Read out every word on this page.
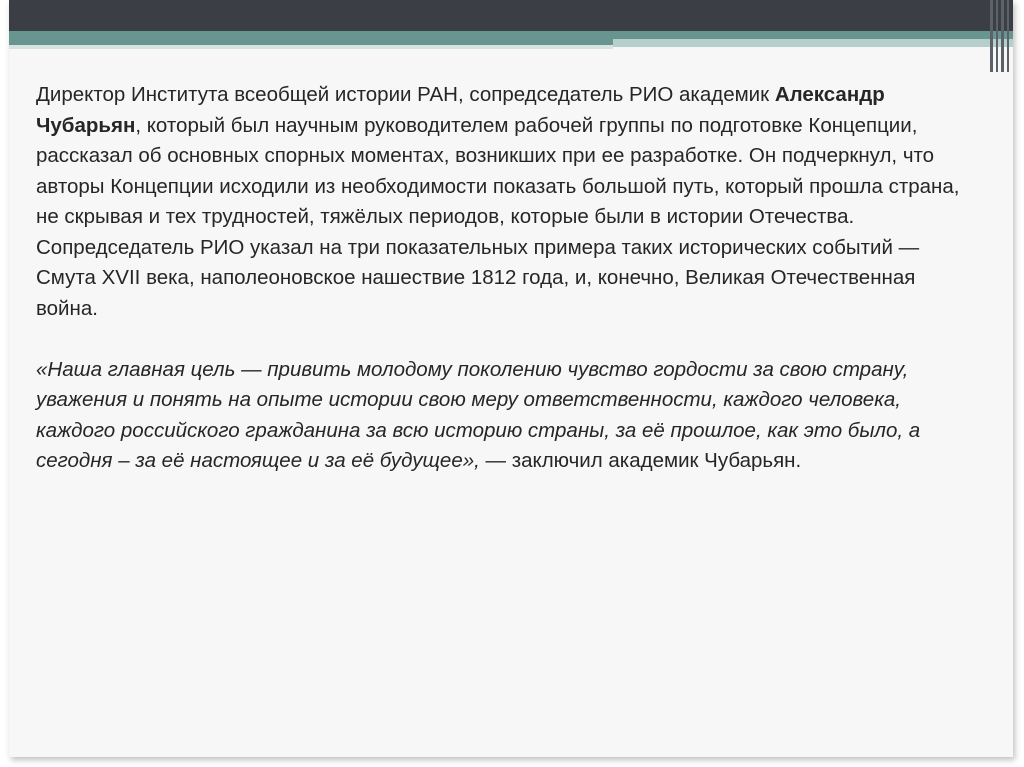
Директор Института всеобщей истории РАН, сопредседатель РИО академик Александр Чубарьян, который был научным руководителем рабочей группы по подготовке Концепции, рассказал об основных спорных моментах, возникших при ее разработке. Он подчеркнул, что авторы Концепции исходили из необходимости показать большой путь, который прошла страна, не скрывая и тех трудностей, тяжёлых периодов, которые были в истории Отечества. Сопредседатель РИО указал на три показательных примера таких исторических событий — Смута XVII века, наполеоновское нашествие 1812 года, и, конечно, Великая Отечественная война.

«Наша главная цель — привить молодому поколению чувство гордости за свою страну, уважения и понять на опыте истории свою меру ответственности, каждого человека, каждого российского гражданина за всю историю страны, за её прошлое, как это было, а сегодня – за её настоящее и за её будущее», — заключил академик Чубарьян.
